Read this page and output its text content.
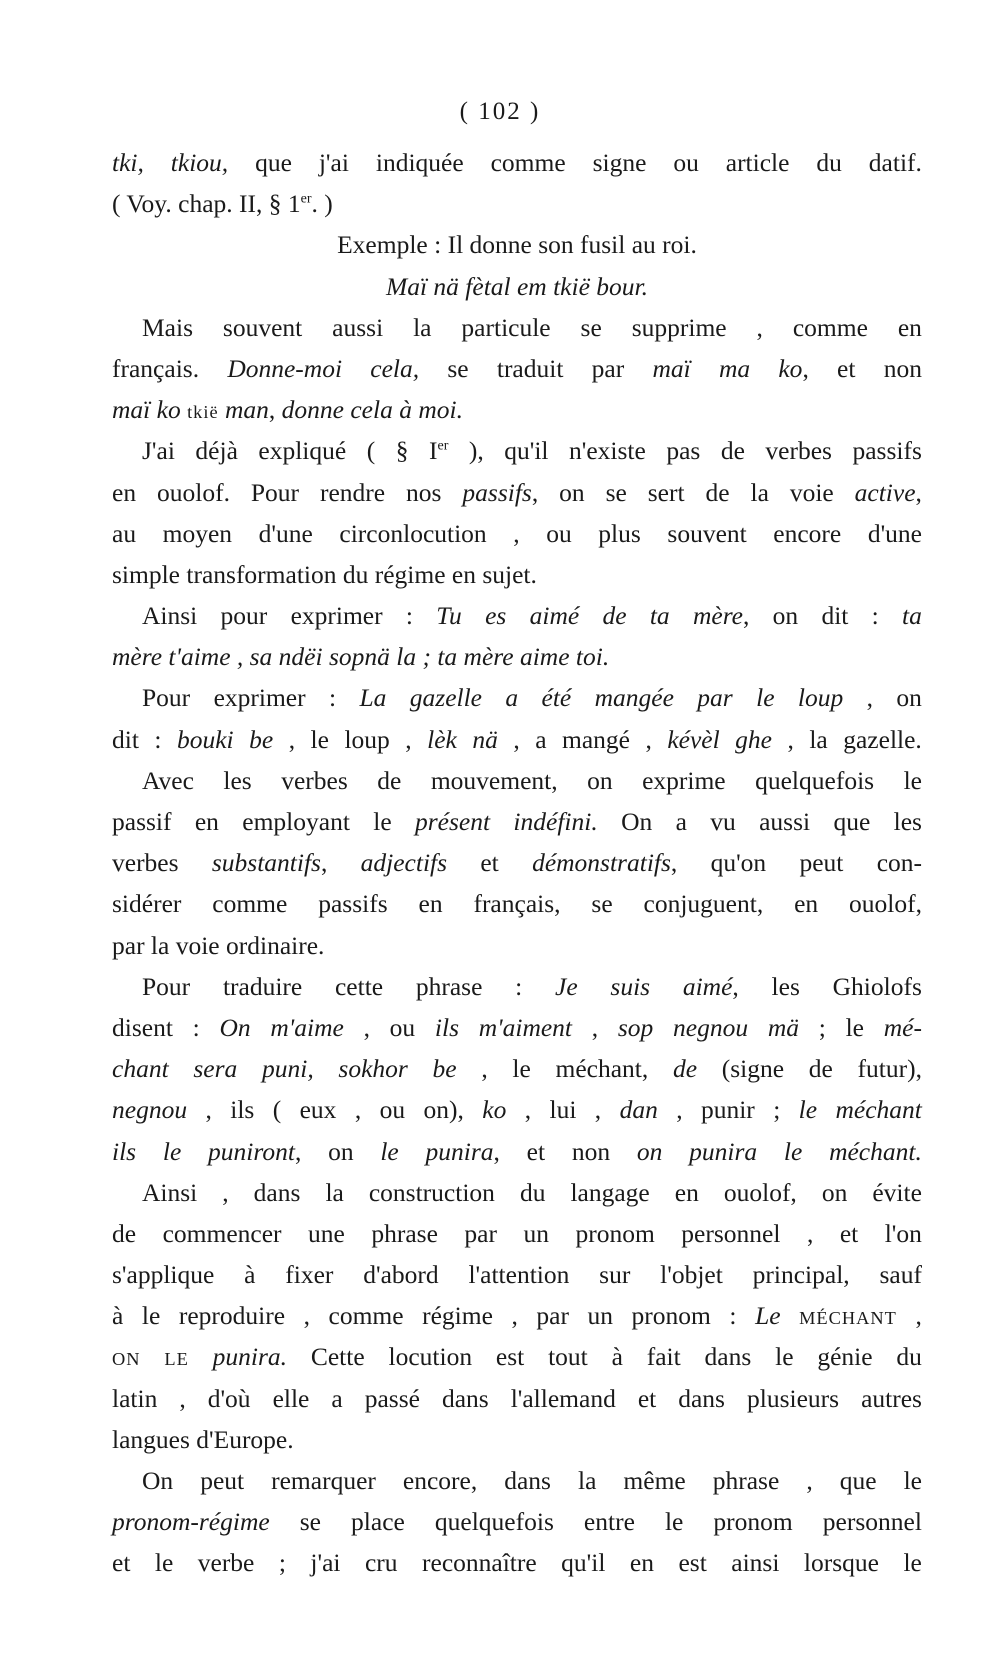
( 102 )
tki, tkiou, que j'ai indiquée comme signe ou article du datif.
( Voy. chap. II, § 1er. )
Exemple : Il donne son fusil au roi.
Maï nä fètal em tkië bour.
Mais souvent aussi la particule se supprime , comme en
français. Donne-moi cela, se traduit par maï ma ko, et non
maï ko tkië man, donne cela à moi.
J'ai déjà expliqué ( § Ier ), qu'il n'existe pas de verbes passifs
en ouolof. Pour rendre nos passifs, on se sert de la voie active,
au moyen d'une circonlocution , ou plus souvent encore d'une
simple transformation du régime en sujet.
Ainsi pour exprimer : Tu es aimé de ta mère, on dit : ta
mère t'aime , sa ndëi sopnä la ; ta mère aime toi.
Pour exprimer : La gazelle a été mangée par le loup , on
dit : bouki be , le loup , lèk nä , a mangé , kévèl ghe , la gazelle.
Avec les verbes de mouvement, on exprime quelquefois le
passif en employant le présent indéfini. On a vu aussi que les
verbes substantifs, adjectifs et démonstratifs, qu'on peut con-
sidérer comme passifs en français, se conjuguent, en ouolof,
par la voie ordinaire.
Pour traduire cette phrase : Je suis aimé, les Ghiolofs
disent : On m'aime , ou ils m'aiment , sop negnou mä ; le mé-
chant sera puni, sokhor be , le méchant, de (signe de futur),
negnou , ils ( eux , ou on), ko , lui , dan , punir ; le méchant
ils le puniront, on le punira, et non on punira le méchant.
Ainsi , dans la construction du langage en ouolof, on évite
de commencer une phrase par un pronom personnel , et l'on
s'applique à fixer d'abord l'attention sur l'objet principal, sauf
à le reproduire , comme régime , par un pronom : Le MÉCHANT ,
ON LE punira. Cette locution est tout à fait dans le génie du
latin , d'où elle a passé dans l'allemand et dans plusieurs autres
langues d'Europe.
On peut remarquer encore, dans la même phrase , que le
pronom-régime se place quelquefois entre le pronom personnel
et le verbe ; j'ai cru reconnaître qu'il en est ainsi lorsque le
